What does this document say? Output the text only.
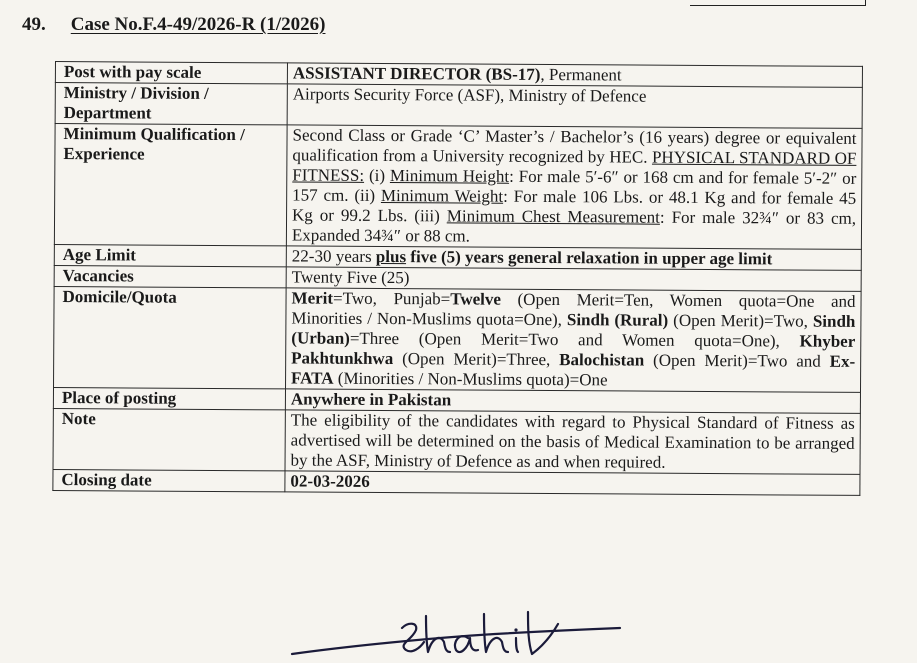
49. Case No.F.4-49/2026-R (1/2026)
Post with pay scale	ASSISTANT DIRECTOR (BS-17), Permanent
Ministry / Division / Department	Airports Security Force (ASF), Ministry of Defence
Minimum Qualification / Experience	Second Class or Grade ‘C’ Master’s / Bachelor’s (16 years) degree or equivalent qualification from a University recognized by HEC. PHYSICAL STANDARD OF FITNESS: (i) Minimum Height: For male 5′-6″ or 168 cm and for female 5′-2″ or 157 cm. (ii) Minimum Weight: For male 106 Lbs. or 48.1 Kg and for female 45 Kg or 99.2 Lbs. (iii) Minimum Chest Measurement: For male 32¾″ or 83 cm, Expanded 34¾″ or 88 cm.
Age Limit	22-30 years plus five (5) years general relaxation in upper age limit
Vacancies	Twenty Five (25)
Domicile/Quota	Merit=Two, Punjab=Twelve (Open Merit=Ten, Women quota=One and Minorities / Non-Muslims quota=One), Sindh (Rural) (Open Merit)=Two, Sindh (Urban)=Three (Open Merit=Two and Women quota=One), Khyber Pakhtunkhwa (Open Merit)=Three, Balochistan (Open Merit)=Two and Ex-FATA (Minorities / Non-Muslims quota)=One
Place of posting	Anywhere in Pakistan
Note	The eligibility of the candidates with regard to Physical Standard of Fitness as advertised will be determined on the basis of Medical Examination to be arranged by the ASF, Ministry of Defence as and when required.
Closing date	02-03-2026
